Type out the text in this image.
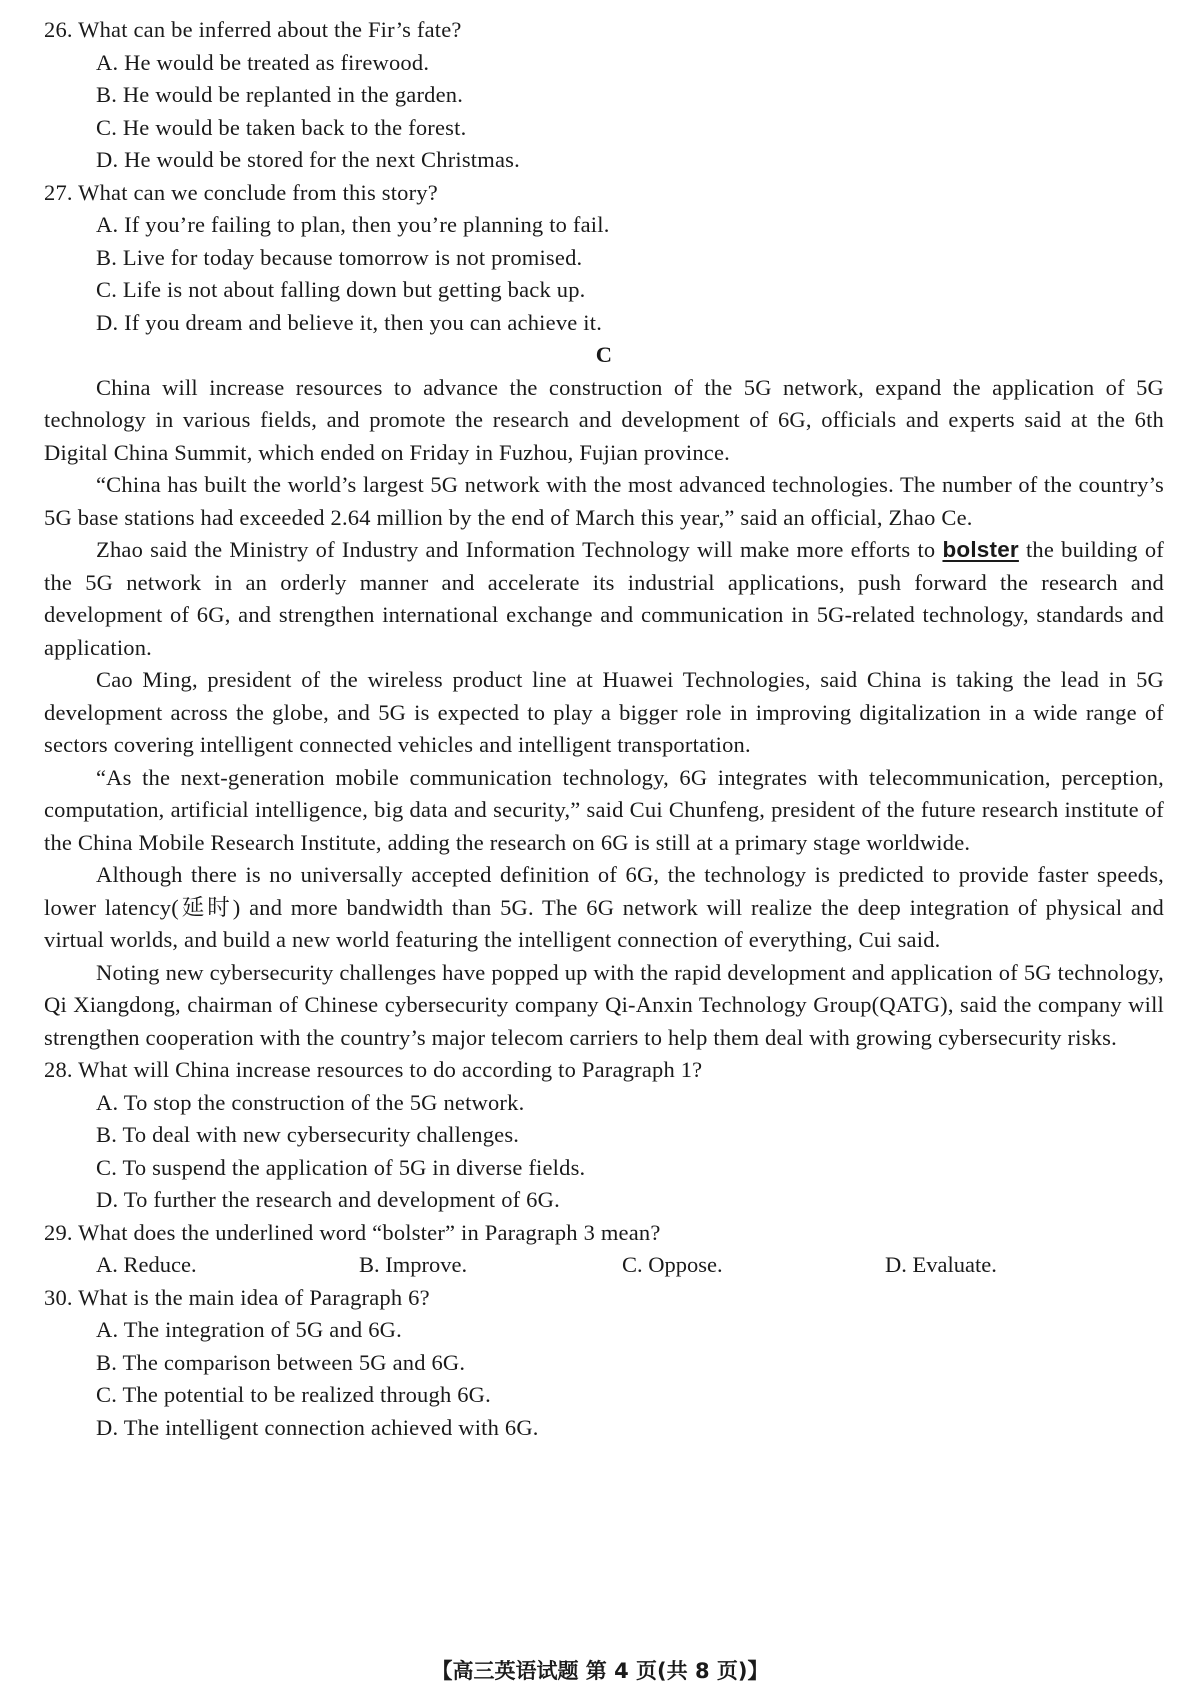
26. What can be inferred about the Fir’s fate?
A. He would be treated as firewood.
B. He would be replanted in the garden.
C. He would be taken back to the forest.
D. He would be stored for the next Christmas.
27. What can we conclude from this story?
A. If you’re failing to plan, then you’re planning to fail.
B. Live for today because tomorrow is not promised.
C. Life is not about falling down but getting back up.
D. If you dream and believe it, then you can achieve it.
C
China will increase resources to advance the construction of the 5G network, expand the application of 5G technology in various fields, and promote the research and development of 6G, officials and experts said at the 6th Digital China Summit, which ended on Friday in Fuzhou, Fujian province.
“China has built the world’s largest 5G network with the most advanced technologies. The number of the country’s 5G base stations had exceeded 2.64 million by the end of March this year,” said an official, Zhao Ce.
Zhao said the Ministry of Industry and Information Technology will make more efforts to bolster the building of the 5G network in an orderly manner and accelerate its industrial applications, push forward the research and development of 6G, and strengthen international exchange and communication in 5G-related technology, standards and application.
Cao Ming, president of the wireless product line at Huawei Technologies, said China is taking the lead in 5G development across the globe, and 5G is expected to play a bigger role in improving digitalization in a wide range of sectors covering intelligent connected vehicles and intelligent transportation.
“As the next-generation mobile communication technology, 6G integrates with telecommunication, perception, computation, artificial intelligence, big data and security,” said Cui Chunfeng, president of the future research institute of the China Mobile Research Institute, adding the research on 6G is still at a primary stage worldwide.
Although there is no universally accepted definition of 6G, the technology is predicted to provide faster speeds, lower latency(延时) and more bandwidth than 5G. The 6G network will realize the deep integration of physical and virtual worlds, and build a new world featuring the intelligent connection of everything, Cui said.
Noting new cybersecurity challenges have popped up with the rapid development and application of 5G technology, Qi Xiangdong, chairman of Chinese cybersecurity company Qi-Anxin Technology Group(QATG), said the company will strengthen cooperation with the country’s major telecom carriers to help them deal with growing cybersecurity risks.
28. What will China increase resources to do according to Paragraph 1?
A. To stop the construction of the 5G network.
B. To deal with new cybersecurity challenges.
C. To suspend the application of 5G in diverse fields.
D. To further the research and development of 6G.
29. What does the underlined word “bolster” in Paragraph 3 mean?
A. Reduce.	B. Improve.	C. Oppose.	D. Evaluate.
30. What is the main idea of Paragraph 6?
A. The integration of 5G and 6G.
B. The comparison between 5G and 6G.
C. The potential to be realized through 6G.
D. The intelligent connection achieved with 6G.
【高三英语试题 第 4 页(共 8 页)】
